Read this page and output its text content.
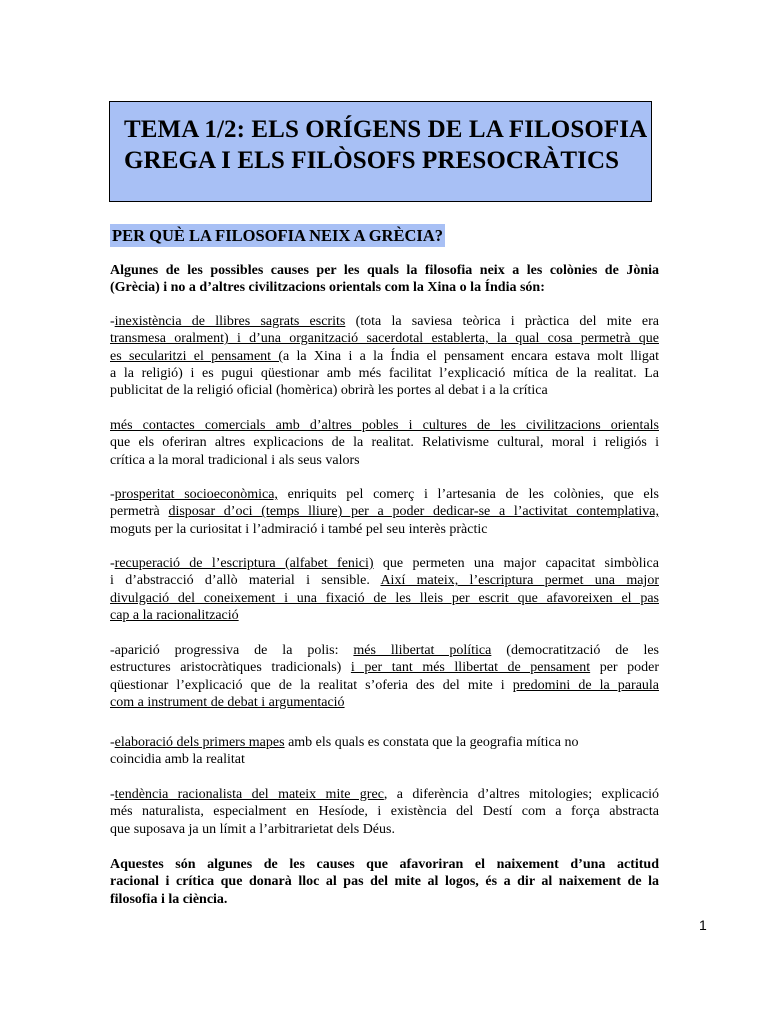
TEMA 1/2: ELS ORÍGENS DE LA FILOSOFIA
GREGA I ELS FILÒSOFS PRESOCRÀTICS
PER QUÈ LA FILOSOFIA NEIX A GRÈCIA?
Algunes de les possibles causes per les quals la filosofia neix a les colònies de Jònia
(Grècia) i no a d’altres civilitzacions orientals com la Xina o la Índia són:
-inexistència de llibres sagrats escrits (tota la saviesa teòrica i pràctica del mite era
transmesa oralment) i d’una organització sacerdotal establerta, la qual cosa permetrà que
es secularitzi el pensament (a la Xina i a la Índia el pensament encara estava molt lligat
a la religió) i es pugui qüestionar amb més facilitat l’explicació mítica de la realitat. La
publicitat de la religió oficial (homèrica) obrirà les portes al debat i a la crítica
més contactes comercials amb d’altres pobles i cultures de les civilitzacions orientals
que els oferiran altres explicacions de la realitat. Relativisme cultural, moral i religiós i
crítica a la moral tradicional i als seus valors
-prosperitat socioeconòmica, enriquits pel comerç i l’artesania de les colònies, que els
permetrà disposar d’oci (temps lliure) per a poder dedicar-se a l’activitat contemplativa,
moguts per la curiositat i l’admiració i també pel seu interès pràctic
-recuperació de l’escriptura (alfabet fenici) que permeten una major capacitat simbòlica
i d’abstracció d’allò material i sensible. Així mateix, l’escriptura permet una major
divulgació del coneixement i una fixació de les lleis per escrit que afavoreixen el pas
cap a la racionalització
-aparició progressiva de la polis: més llibertat política (democratització de les
estructures aristocràtiques tradicionals) i per tant més llibertat de pensament per poder
qüestionar l’explicació que de la realitat s’oferia des del mite i predomini de la paraula
com a instrument de debat i argumentació
-elaboració dels primers mapes amb els quals es constata que la geografia mítica no
coincidia amb la realitat
-tendència racionalista del mateix mite grec, a diferència d’altres mitologies; explicació
més naturalista, especialment en Hesíode, i existència del Destí com a força abstracta
que suposava ja un límit a l’arbitrarietat dels Déus.
Aquestes són algunes de les causes que afavoriran el naixement d’una actitud
racional i crítica que donarà lloc al pas del mite al logos, és a dir al naixement de la
filosofia i la ciència.
1
